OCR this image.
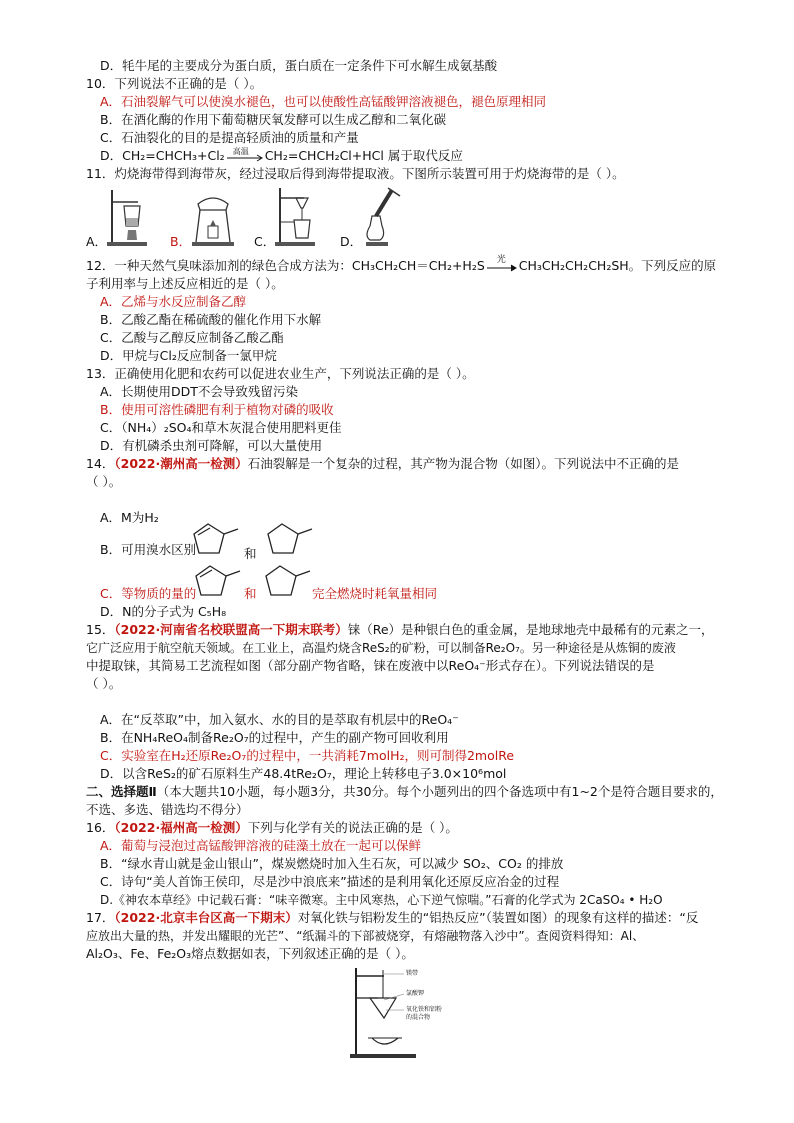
D．牦牛尾的主要成分为蛋白质，蛋白质在一定条件下可水解生成氨基酸
10．下列说法不正确的是（ ）。
A．石油裂解气可以使溴水褪色，也可以使酸性高锰酸钾溶液褪色，褪色原理相同
B．在酒化酶的作用下葡萄糖厌氧发酵可以生成乙醇和二氧化碳
C．石油裂化的目的是提高轻质油的质量和产量
D．CH₂=CHCH₃+Cl₂ 高温 CH₂=CHCH₂Cl+HCl 属于取代反应
11．灼烧海带得到海带灰，经过浸取后得到海带提取液。下图所示装置可用于灼烧海带的是（ ）。
A．	B．	C．	D．
12．一种天然气臭味添加剂的绿色合成方法为：CH₃CH₂CH＝CH₂+H₂S 光 CH₃CH₂CH₂CH₂SH。下列反应的原
子利用率与上述反应相近的是（ ）。
A．乙烯与水反应制备乙醇
B．乙酸乙酯在稀硫酸的催化作用下水解
C．乙酸与乙醇反应制备乙酸乙酯
D．甲烷与Cl₂反应制备一氯甲烷
13．正确使用化肥和农药可以促进农业生产，下列说法正确的是（ ）。
A．长期使用DDT不会导致残留污染
B．使用可溶性磷肥有利于植物对磷的吸收
C．（NH₄）₂SO₄和草木灰混合使用肥料更佳
D．有机磷杀虫剂可降解，可以大量使用
14．（2022·潮州高一检测）石油裂解是一个复杂的过程，其产物为混合物（如图）。下列说法中不正确的是
（ ）。
A．M为H₂
B．可用溴水区别	和
C．等物质的量的	和	完全燃烧时耗氧量相同
D．N的分子式为 C₅H₈
15．（2022·河南省名校联盟高一下期末联考）铼（Re）是种银白色的重金属，是地球地壳中最稀有的元素之一，
它广泛应用于航空航天领域。在工业上，高温灼烧含ReS₂的矿粉，可以制备Re₂O₇。另一种途径是从炼铜的废液
中提取铼，其简易工艺流程如图（部分副产物省略，铼在废液中以ReO₄⁻形式存在）。下列说法错误的是
（ ）。
A．在“反萃取”中，加入氨水、水的目的是萃取有机层中的ReO₄⁻
B．在NH₄ReO₄制备Re₂O₇的过程中，产生的副产物可回收利用
C．实验室在H₂还原Re₂O₇的过程中，一共消耗7molH₂，则可制得2molRe
D．以含ReS₂的矿石原料生产48.4tRe₂O₇，理论上转移电子3.0×10⁶mol
二、选择题Ⅱ（本大题共10小题，每小题3分，共30分。每个小题列出的四个备选项中有1~2个是符合题目要求的，
不选、多选、错选均不得分）
16．（2022·福州高一检测）下列与化学有关的说法正确的是（ ）。
A．葡萄与浸泡过高锰酸钾溶液的硅藻土放在一起可以保鲜
B．“绿水青山就是金山银山”，煤炭燃烧时加入生石灰，可以减少 SO₂、CO₂ 的排放
C．诗句“美人首饰王侯印，尽是沙中浪底来”描述的是利用氧化还原反应冶金的过程
D.《神农本草经》中记载石膏：“味辛微寒。主中风寒热，心下逆气惊喘。”石膏的化学式为 2CaSO₄ • H₂O
17．（2022·北京丰台区高一下期末）对氧化铁与铝粉发生的“铝热反应”（装置如图）的现象有这样的描述：“反
应放出大量的热，并发出耀眼的光芒”、“纸漏斗的下部被烧穿，有熔融物落入沙中”。查阅资料得知：Al、
Al₂O₃、Fe、Fe₂O₃熔点数据如表，下列叙述正确的是（ ）。
镁带
氯酸钾
氧化铁和铝粉
的混合物
